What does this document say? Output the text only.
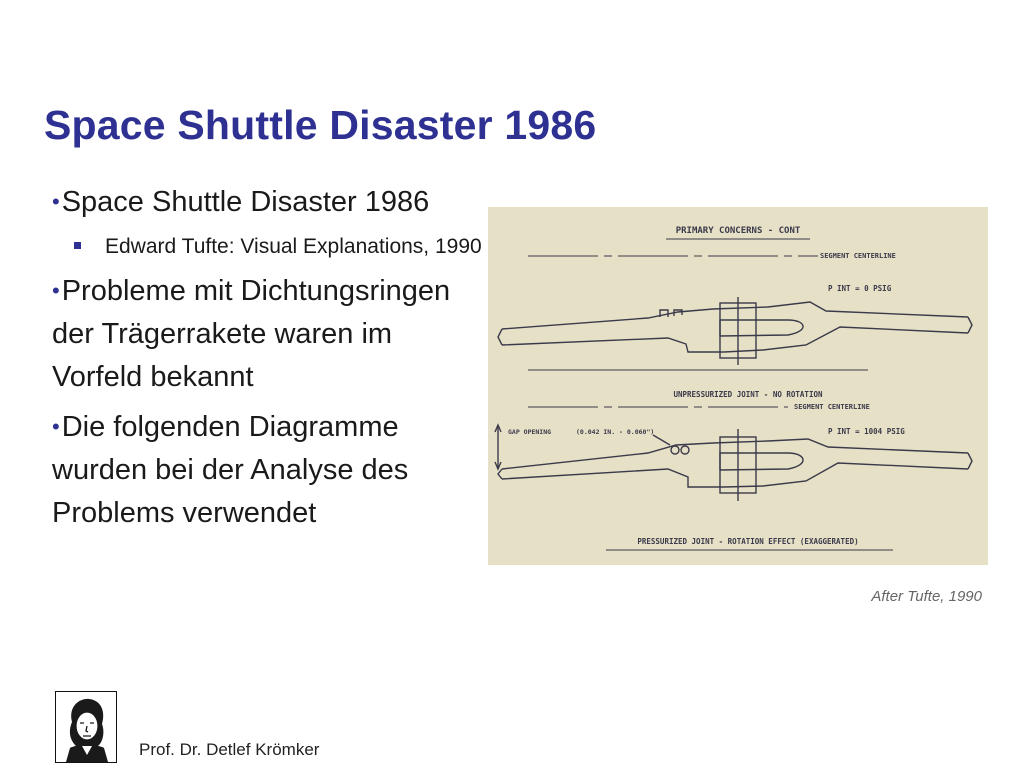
Space Shuttle Disaster 1986

•Space Shuttle Disaster 1986

Edward Tufte: Visual Explanations, 1990

•Probleme mit Dichtungsringen der Trägerrakete waren im Vorfeld bekannt

•Die folgenden Diagramme wurden bei der Analyse des Problems verwendet

PRIMARY CONCERNS - CONT
SEGMENT CENTERLINE
P INT = 0 PSIG
UNPRESSURIZED JOINT - NO ROTATION
SEGMENT CENTERLINE
P INT = 1004 PSIG
GAP OPENING	(0.042 IN. - 0.060")
PRESSURIZED JOINT - ROTATION EFFECT (EXAGGERATED)
After Tufte, 1990
Prof. Dr. Detlef Krömker
